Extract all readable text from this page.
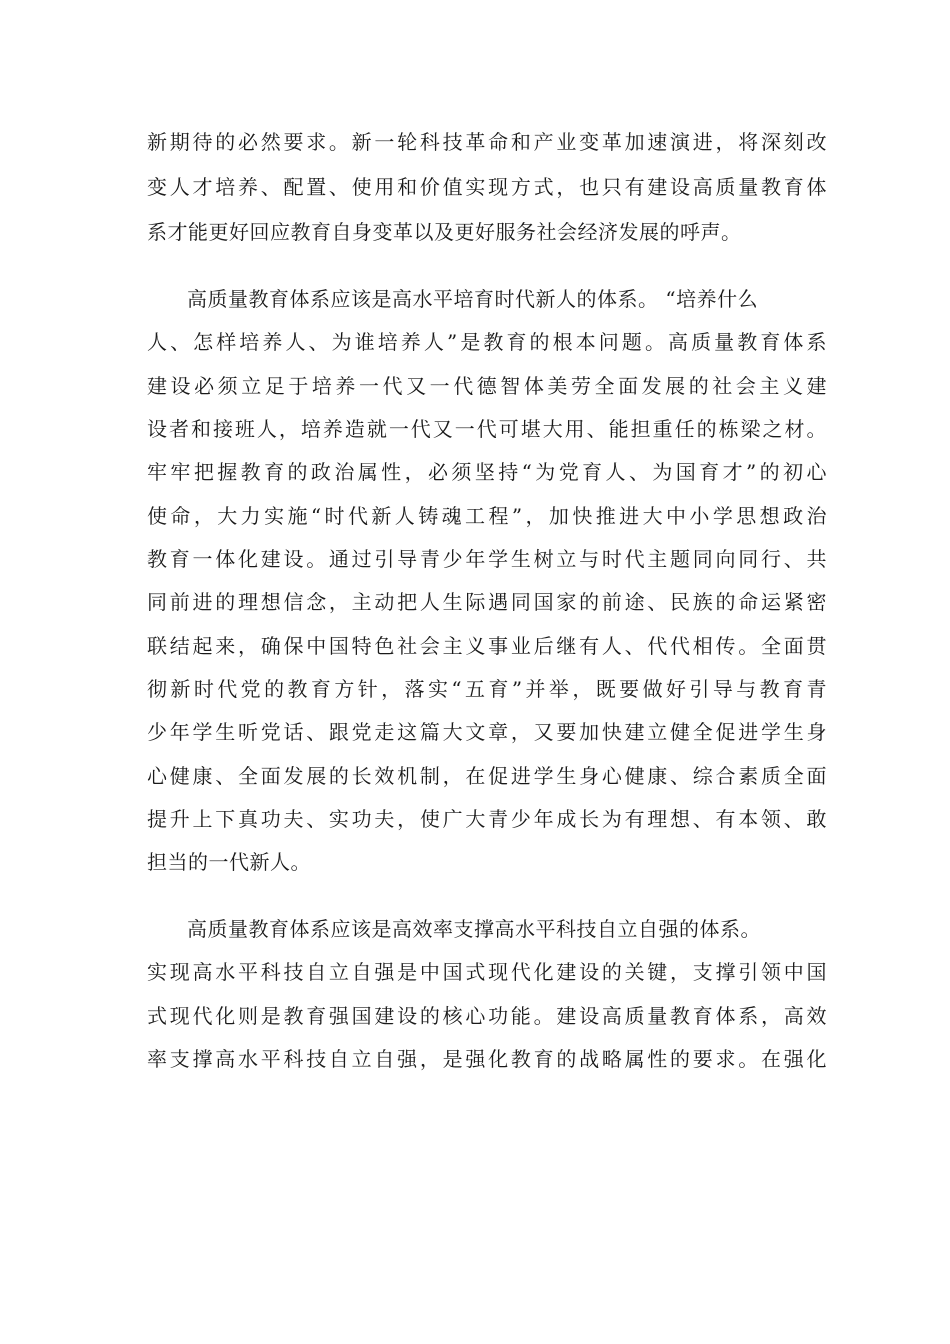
新期待的必然要求。新一轮科技革命和产业变革加速演进，将深刻改
变人才培养、配置、使用和价值实现方式，也只有建设高质量教育体
系才能更好回应教育自身变革以及更好服务社会经济发展的呼声。
高质量教育体系应该是高水平培育时代新人的体系。 “培养什么
人、怎样培养人、为谁培养人”是教育的根本问题。高质量教育体系
建设必须立足于培养一代又一代德智体美劳全面发展的社会主义建
设者和接班人，培养造就一代又一代可堪大用、能担重任的栋梁之材。
牢牢把握教育的政治属性，必须坚持“为党育人、为国育才”的初心
使命，大力实施“时代新人铸魂工程”，加快推进大中小学思想政治
教育一体化建设。通过引导青少年学生树立与时代主题同向同行、共
同前进的理想信念，主动把人生际遇同国家的前途、民族的命运紧密
联结起来，确保中国特色社会主义事业后继有人、代代相传。全面贯
彻新时代党的教育方针，落实“五育”并举，既要做好引导与教育青
少年学生听党话、跟党走这篇大文章，又要加快建立健全促进学生身
心健康、全面发展的长效机制，在促进学生身心健康、综合素质全面
提升上下真功夫、实功夫，使广大青少年成长为有理想、有本领、敢
担当的一代新人。
高质量教育体系应该是高效率支撑高水平科技自立自强的体系。
实现高水平科技自立自强是中国式现代化建设的关键，支撑引领中国
式现代化则是教育强国建设的核心功能。建设高质量教育体系，高效
率支撑高水平科技自立自强，是强化教育的战略属性的要求。在强化
